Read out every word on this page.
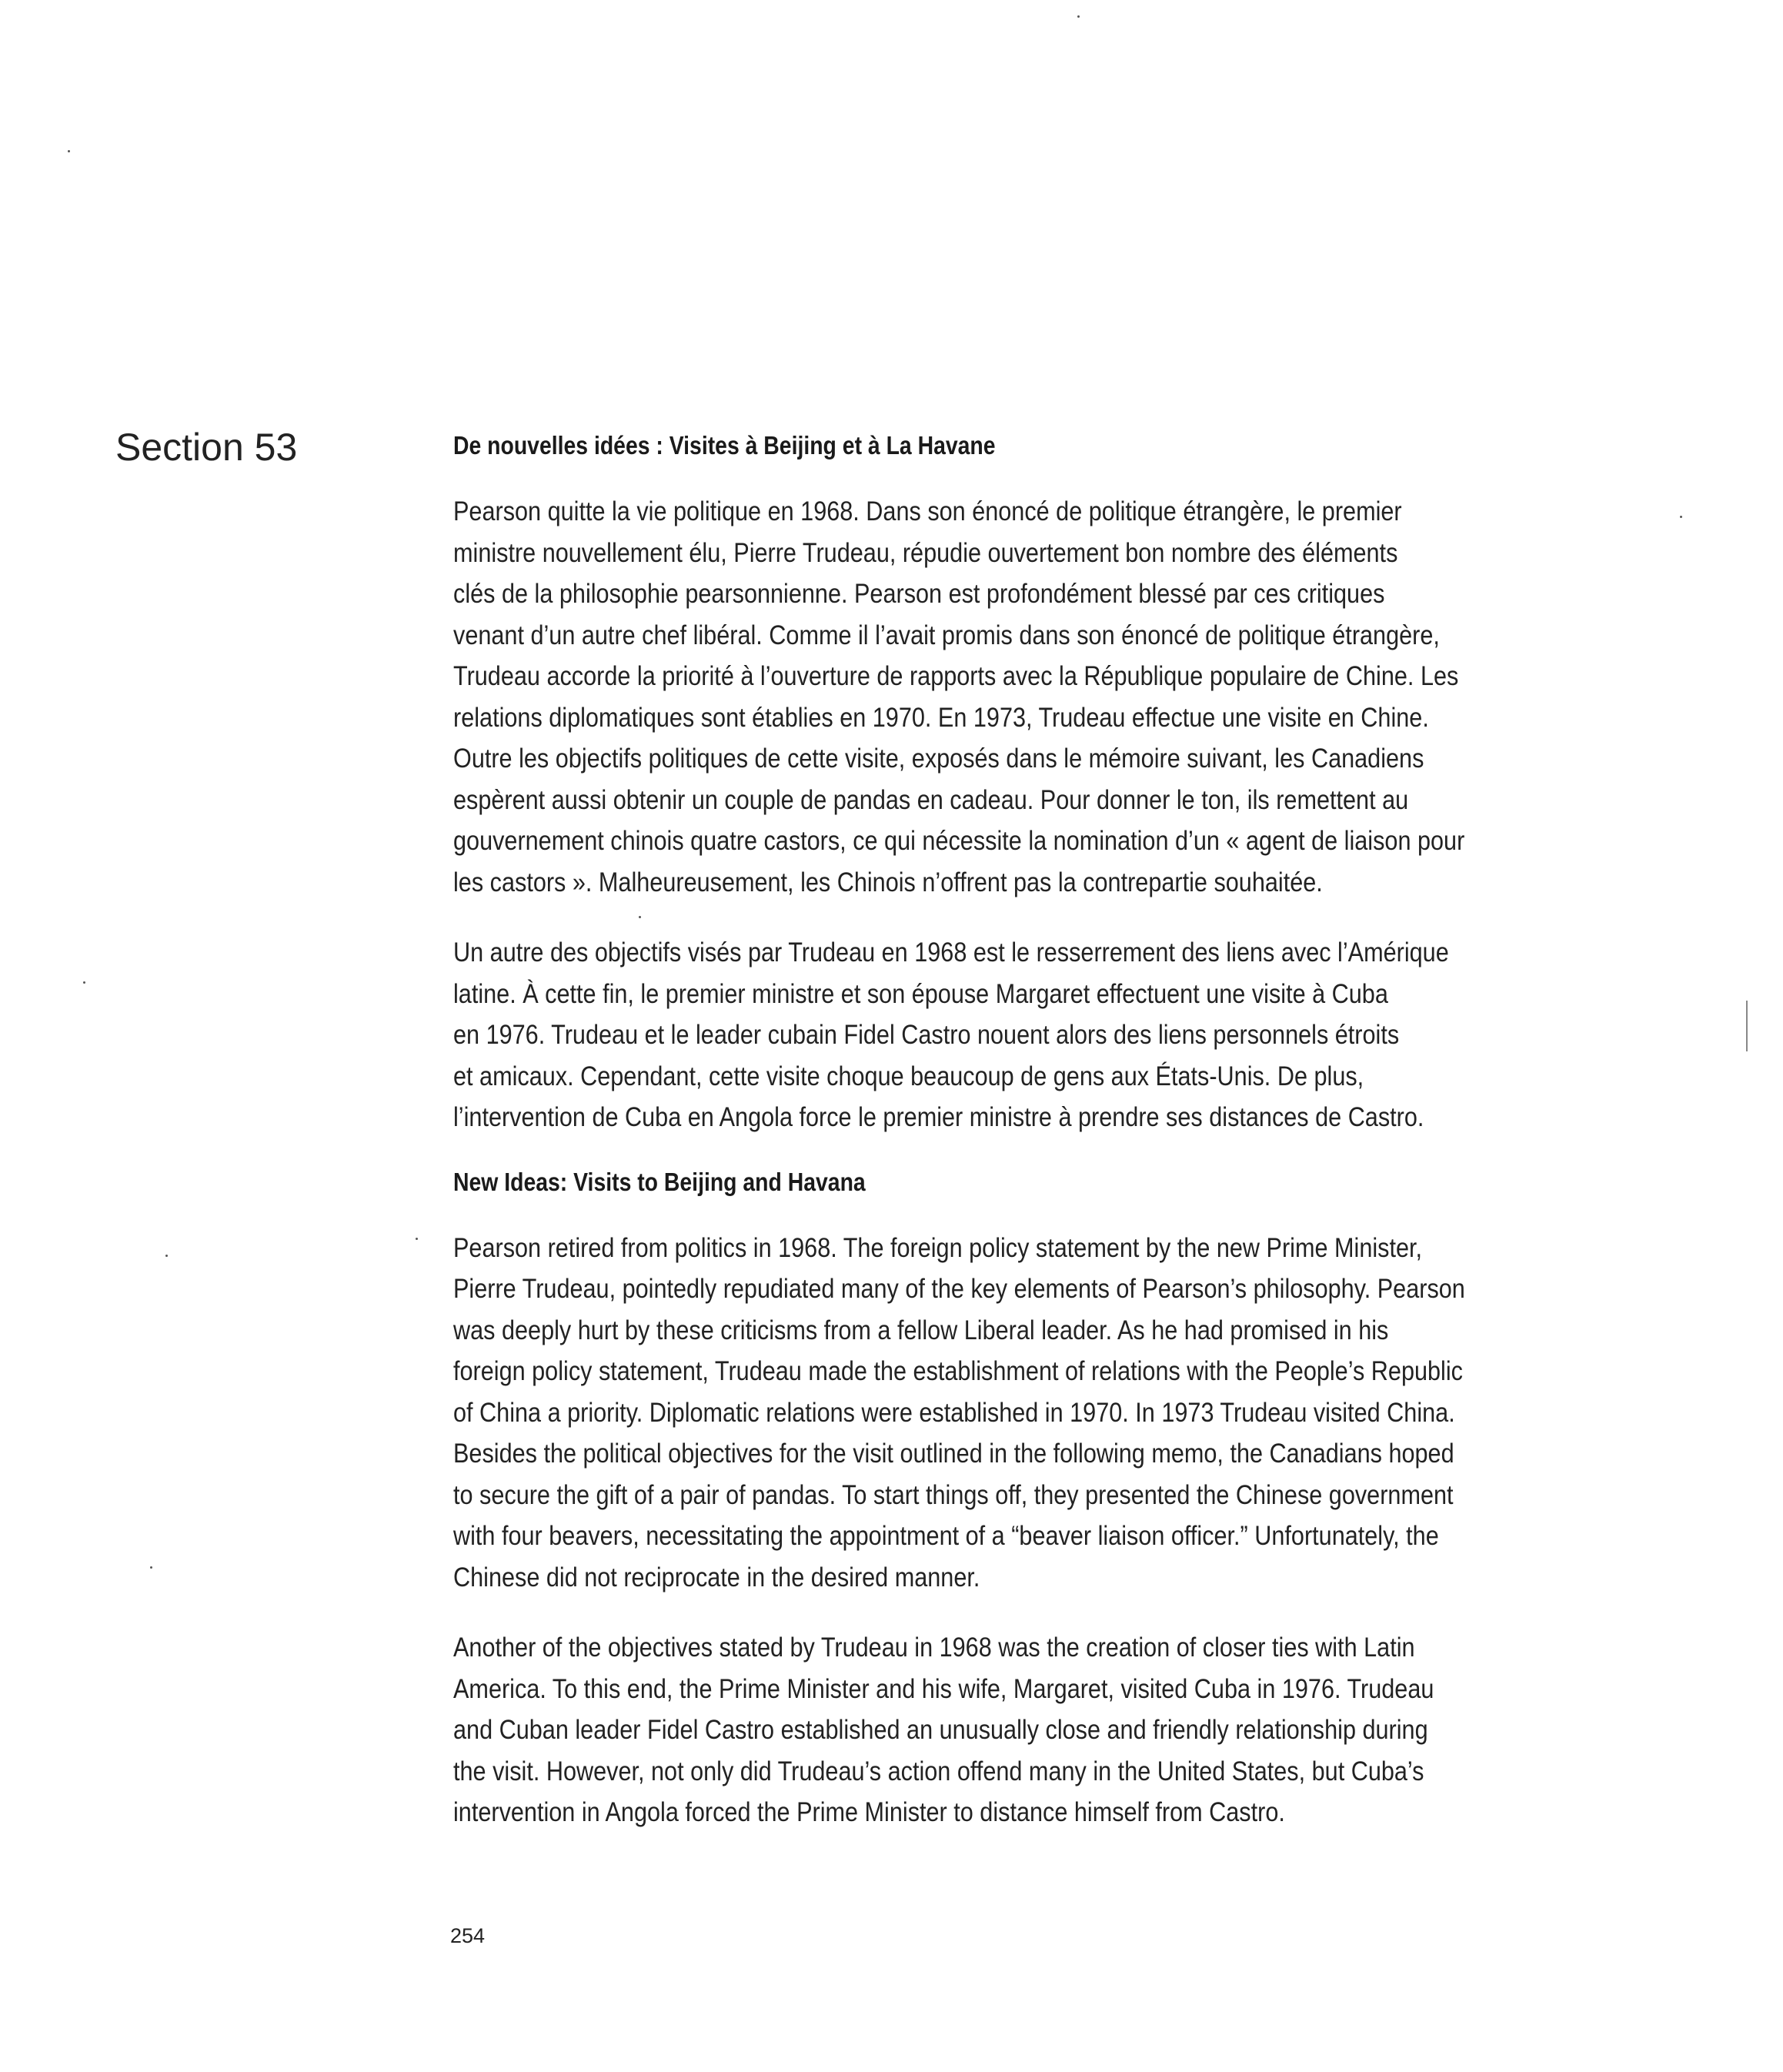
Section 53	De nouvelles idées : Visites à Beijing et à La Havane

Pearson quitte la vie politique en 1968. Dans son énoncé de politique étrangère, le premier
ministre nouvellement élu, Pierre Trudeau, répudie ouvertement bon nombre des éléments
clés de la philosophie pearsonnienne. Pearson est profondément blessé par ces critiques
venant d’un autre chef libéral. Comme il l’avait promis dans son énoncé de politique étrangère,
Trudeau accorde la priorité à l’ouverture de rapports avec la République populaire de Chine. Les
relations diplomatiques sont établies en 1970. En 1973, Trudeau effectue une visite en Chine.
Outre les objectifs politiques de cette visite, exposés dans le mémoire suivant, les Canadiens
espèrent aussi obtenir un couple de pandas en cadeau. Pour donner le ton, ils remettent au
gouvernement chinois quatre castors, ce qui nécessite la nomination d’un « agent de liaison pour
les castors ». Malheureusement, les Chinois n’offrent pas la contrepartie souhaitée.

Un autre des objectifs visés par Trudeau en 1968 est le resserrement des liens avec l’Amérique
latine. À cette fin, le premier ministre et son épouse Margaret effectuent une visite à Cuba
en 1976. Trudeau et le leader cubain Fidel Castro nouent alors des liens personnels étroits
et amicaux. Cependant, cette visite choque beaucoup de gens aux États-Unis. De plus,
l’intervention de Cuba en Angola force le premier ministre à prendre ses distances de Castro.

New Ideas: Visits to Beijing and Havana

Pearson retired from politics in 1968. The foreign policy statement by the new Prime Minister,
Pierre Trudeau, pointedly repudiated many of the key elements of Pearson’s philosophy. Pearson
was deeply hurt by these criticisms from a fellow Liberal leader. As he had promised in his
foreign policy statement, Trudeau made the establishment of relations with the People’s Republic
of China a priority. Diplomatic relations were established in 1970. In 1973 Trudeau visited China.
Besides the political objectives for the visit outlined in the following memo, the Canadians hoped
to secure the gift of a pair of pandas. To start things off, they presented the Chinese government
with four beavers, necessitating the appointment of a “beaver liaison officer.” Unfortunately, the
Chinese did not reciprocate in the desired manner.

Another of the objectives stated by Trudeau in 1968 was the creation of closer ties with Latin
America. To this end, the Prime Minister and his wife, Margaret, visited Cuba in 1976. Trudeau
and Cuban leader Fidel Castro established an unusually close and friendly relationship during
the visit. However, not only did Trudeau’s action offend many in the United States, but Cuba’s
intervention in Angola forced the Prime Minister to distance himself from Castro.

254
